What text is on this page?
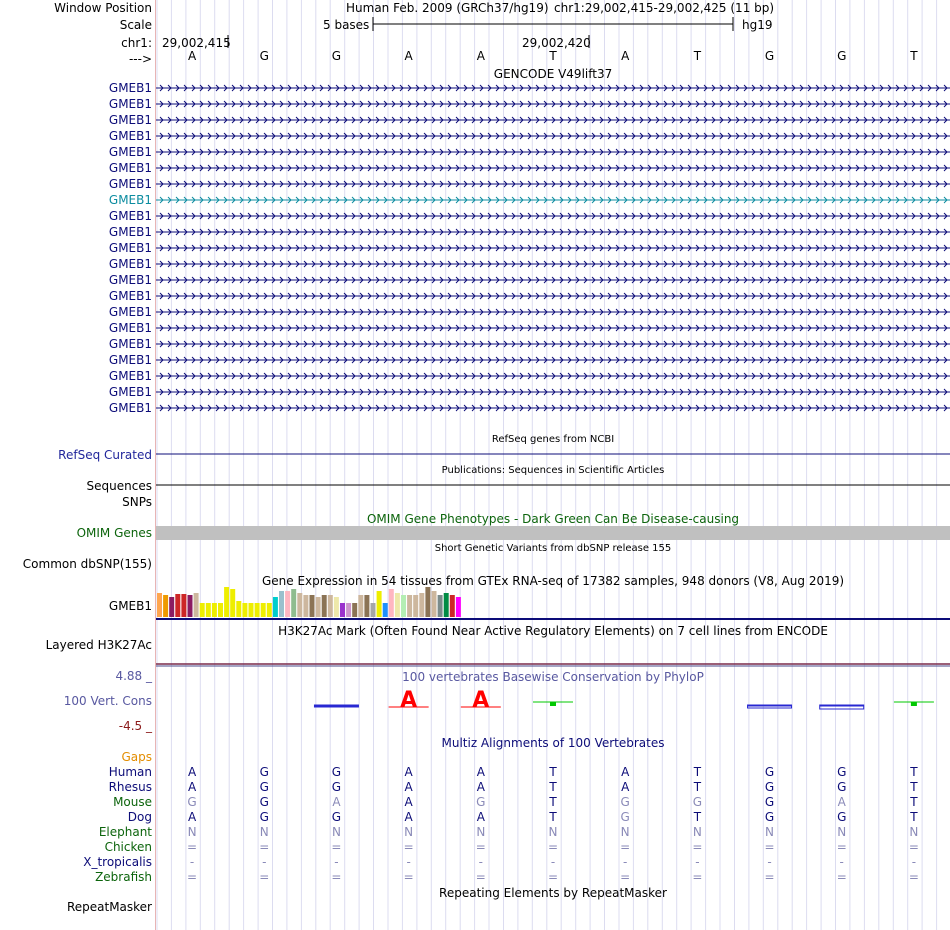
A	A
Window Position	Human Feb. 2009 (GRCh37/hg19) chr1:29,002,415-29,002,425 (11 bp)
Scale	5 bases	hg19
chr1: 29,002,415	29,002,420
--->	A	G	G	A	A	T	A	T	G	G	T
GENCODE V49lift37
GMEB1
GMEB1
GMEB1
GMEB1
GMEB1
GMEB1
GMEB1
GMEB1
GMEB1
GMEB1
GMEB1
GMEB1
GMEB1
GMEB1
GMEB1
GMEB1
GMEB1
GMEB1
GMEB1
GMEB1
GMEB1
RefSeq genes from NCBI
RefSeq Curated
Publications: Sequences in Scientific Articles
Sequences
SNPs
OMIM Gene Phenotypes - Dark Green Can Be Disease-causing
OMIM Genes
Short Genetic Variants from dbSNP release 155
Common dbSNP(155)
Gene Expression in 54 tissues from GTEx RNA-seq of 17382 samples, 948 donors (V8, Aug 2019)
GMEB1
H3K27Ac Mark (Often Found Near Active Regulatory Elements) on 7 cell lines from ENCODE
Layered H3K27Ac
100 vertebrates Basewise Conservation by PhyloP
4.88 _
100 Vert. Cons
-4.5 _
Multiz Alignments of 100 Vertebrates
Gaps
Human	A	G	G	A	A	T	A	T	G	G	T
Rhesus	A	G	G	A	A	T	A	T	G	G	T
Mouse	G	G	A	A	G	T	G	G	G	A	T
Dog	A	G	G	A	A	T	G	T	G	G	T
Elephant	N	N	N	N	N	N	N	N	N	N	N
Chicken	=	=	=	=	=	=	=	=	=	=	=
X_tropicalis	-	-	-	-	-	-	-	-	-	-	-
Zebrafish	=	=	=	=	=	=	=	=	=	=	=
Repeating Elements by RepeatMasker
RepeatMasker
